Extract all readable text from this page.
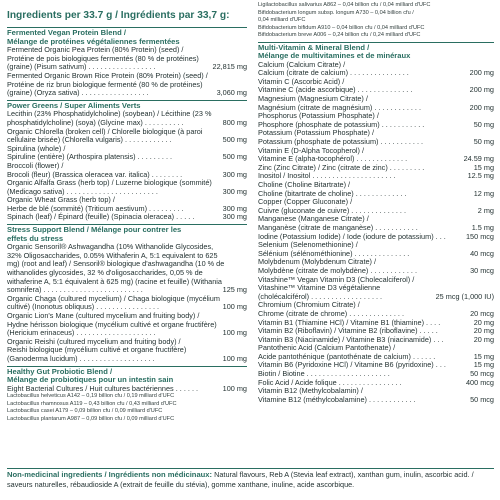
Ingredients per 33.7 g / Ingrédients par 33,7 g:
Fermented Vegan Protein Blend /
Mélange de protéines végétaliennes fermentées
Fermented Organic Pea Protein (80% Protein) (seed) /
Protéine de pois biologiques fermentés (80 % de protéines)
(graine) (Pisum sativum) . . . . . . . . . . . . . . . . .	22,815 mg
Fermented Organic Brown Rice Protein (80% Protein) (seed) /
Protéine de riz brun biologique fermenté (80 % de protéines)
(graine) (Oryza sativa) . . . . . . . . . . . . . . . . .	3,060 mg
Power Greens / Super Aliments Verts
Lecithin (23% Phosphatidylcholine) (soybean) / Lécithine (23 %
phosphatidylcholine) (soya) (Glycine max) . . . . . . . . . .	800 mg
Organic Chlorella (broken cell) / Chlorelle biologique (à paroi
cellulaire brisée) (Chlorella vulgaris) . . . . . . . . . . . .	500 mg
Spirulina (whole) /
Spiruline (entière) (Arthospira platensis) . . . . . . . . .	500 mg
Broccoli (flower) /
Brocoli (fleur) (Brassica oleracea var. italica) . . . . . . . .	300 mg
Organic Alfalfa Grass (herb top) / Luzerne biologique (sommité)
(Medicago sativa) . . . . . . . . . . . . . . . . . . . . . . .	300 mg
Organic Wheat Grass (herb top) /
Herbe de blé (sommité) (Triticum aestivum) . . . . . . . . .	300 mg
Spinach (leaf) / Épinard (feuille) (Spinacia oleracea) . . . . .	300 mg
Stress Support Blend / Mélange pour contrer les
effets du stress
Organic Sensoril® Ashwagandha (10% Withanolide Glycosides,
32% Oligosaccharides, 0.05% Withaferin A, 5:1 equivalent to 625
mg) (root and leaf) / Sensoril® biologique d'ashwagandha (10 % de
withanolides glycosides, 32 % d'oligosaccharides, 0,05 % de
withaferine A, 5:1 équivalent à 625 mg) (racine et feuille) (Withania
somnifera) . . . . . . . . . . . . . . . . . . . . . . . . .	125 mg
Organic Chaga (cultured mycelium) / Chaga biologique (mycélium
cultivé) (Inonotus obliquus) . . . . . . . . . . . . . . . .	100 mg
Organic Lion's Mane (cultured mycelium and fruiting body) /
Hydne hérisson biologique (mycélium cultivé et organe fructifère)
(Hericium erinaceus) . . . . . . . . . . . . . . . . . . . .	100 mg
Organic Reishi (cultured mycelium and fruiting body) /
Reishi biologique (mycélium cultivé et organe fructifère)
(Ganoderma lucidum) . . . . . . . . . . . . . . . . . . .	100 mg
Healthy Gut Probiotic Blend /
Mélange de probiotiques pour un intestin sain
Eight Bacterial Cultures / Huit cultures bactériennes . . . . . .	100 mg
Lactobacillus helveticus A142 – 0,19 billion cfu / 0,19 milliard d'UFC
Lactobacillus rhamnosus A119 – 0,43 billion cfu / 0,43 milliard d'UFC
Lactobacillus casei A179 – 0,09 billion cfu / 0,09 milliard d'UFC
Lactobacillus plantarum A987 – 0,09 billion cfu / 0,09 milliard d'UFC
Ligilactobacillus salivarius A862 – 0,04 billion cfu / 0,04 milliard d'UFC
Bifidobacterium longum subsp. longum A730 – 0,04 billion cfu /
0,04 milliard d'UFC
Bifidobacterium bifidum A910 – 0,04 billion cfu / 0,04 milliard d'UFC
Bifidobacterium breve A006 – 0,24 billion cfu / 0,24 milliard d'UFC
Multi-Vitamin & Mineral Blend /
Mélange de multivitamines et de minéraux
Calcium (Calcium Citrate) /
Calcium (citrate de calcium) . . . . . . . . . . . . . . .	200 mg
Vitamin C (Ascorbic Acid) /
Vitamine C (acide ascorbique) . . . . . . . . . . . . . .	200 mg
Magnesium (Magnesium Citrate) /
Magnésium (citrate de magnésium) . . . . . . . . . . . .	200 mg
Phosphorus (Potassium Phosphate) /
Phosphore (phosphate de potassium) . . . . . . . . . . .	50 mg
Potassium (Potassium Phosphate) /
Potassium (phosphate de potassium) . . . . . . . . . . .	50 mg
Vitamin E (D-Alpha Tocopherol) /
Vitamine E (alpha-tocophérol) . . . . . . . . . . . . .	24.59 mg
Zinc (Zinc Citrate) / Zinc (citrate de zinc) . . . . . . . . .	15 mg
Inositol / Inositol . . . . . . . . . . . . . . . . . . . . .	12.5 mg
Choline (Choline Bitartrate) /
Choline (bitartrate de choline) . . . . . . . . . . . . .	12 mg
Copper (Copper Gluconate) /
Cuivre (gluconate de cuivre) . . . . . . . . . . . . . .	2 mg
Manganese (Manganese Citrate) /
Manganèse (citrate de manganèse) . . . . . . . . . . .	1.5 mg
Iodine (Potassium Iodide) / Iode (iodure de potassium) . . .	150 mcg
Selenium (Selenomethionine) /
Sélénium (sélénométhionine) . . . . . . . . . . . . . .	40 mcg
Molybdenum (Molybdenum Citrate) /
Molybdène (citrate de molybdène) . . . . . . . . . . . .	30 mcg
Vitashine™ Vegan Vitamin D3 (Cholecalciferol) /
Vitashine™ Vitamine D3 végétalienne
(cholécalciférol) . . . . . . . . . . . . . . . . . .	25 mcg (1,000 IU)
Chromium (Chromium Citrate) /
Chrome (citrate de chrome) . . . . . . . . . . . . . .	20 mcg
Vitamin B1 (Thiamine HCl) / Vitamine B1 (thiamine) . . . .	20 mg
Vitamin B2 (Riboflavin) / Vitamine B2 (riboflavine) . . . . .	20 mg
Vitamin B3 (Niacinamide) / Vitamine B3 (niacinamide) . . .	20 mg
Pantothenic Acid (Calcium Pantothenate) /
Acide pantothénique (pantothénate de calcium) . . . . . .	15 mg
Vitamin B6 (Pyridoxine HCl) / Vitamine B6 (pyridoxine) . . .	15 mg
Biotin / Biotine . . . . . . . . . . . . . . . . . . . . .	50 mcg
Folic Acid / Acide folique . . . . . . . . . . . . . . . .	400 mcg
Vitamin B12 (Methylcobalamin) /
Vitamine B12 (méthylcobalamine) . . . . . . . . . . . .	50 mcg
Non-medicinal ingredients / Ingrédients non médicinaux: Natural flavours, Reb A (Stevia leaf extract), xanthan gum, inulin, ascorbic acid. / saveurs naturelles, rébaudioside A (extrait de feuille du stévia), gomme xanthane, inuline, acide ascorbique.
